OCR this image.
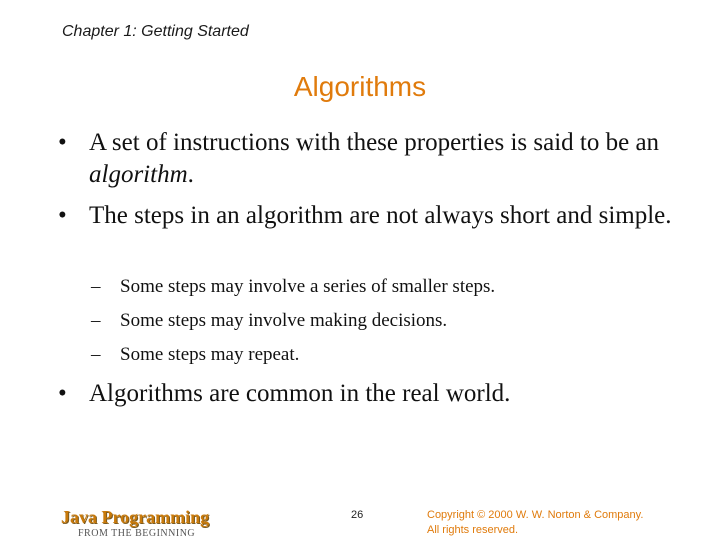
Chapter 1: Getting Started
Algorithms
• A set of instructions with these properties is said to be an algorithm.
• The steps in an algorithm are not always short and simple.
– Some steps may involve a series of smaller steps.
– Some steps may involve making decisions.
– Some steps may repeat.
• Algorithms are common in the real world.
Java Programming
FROM THE BEGINNING
26	Copyright © 2000 W. W. Norton & Company.
All rights reserved.
